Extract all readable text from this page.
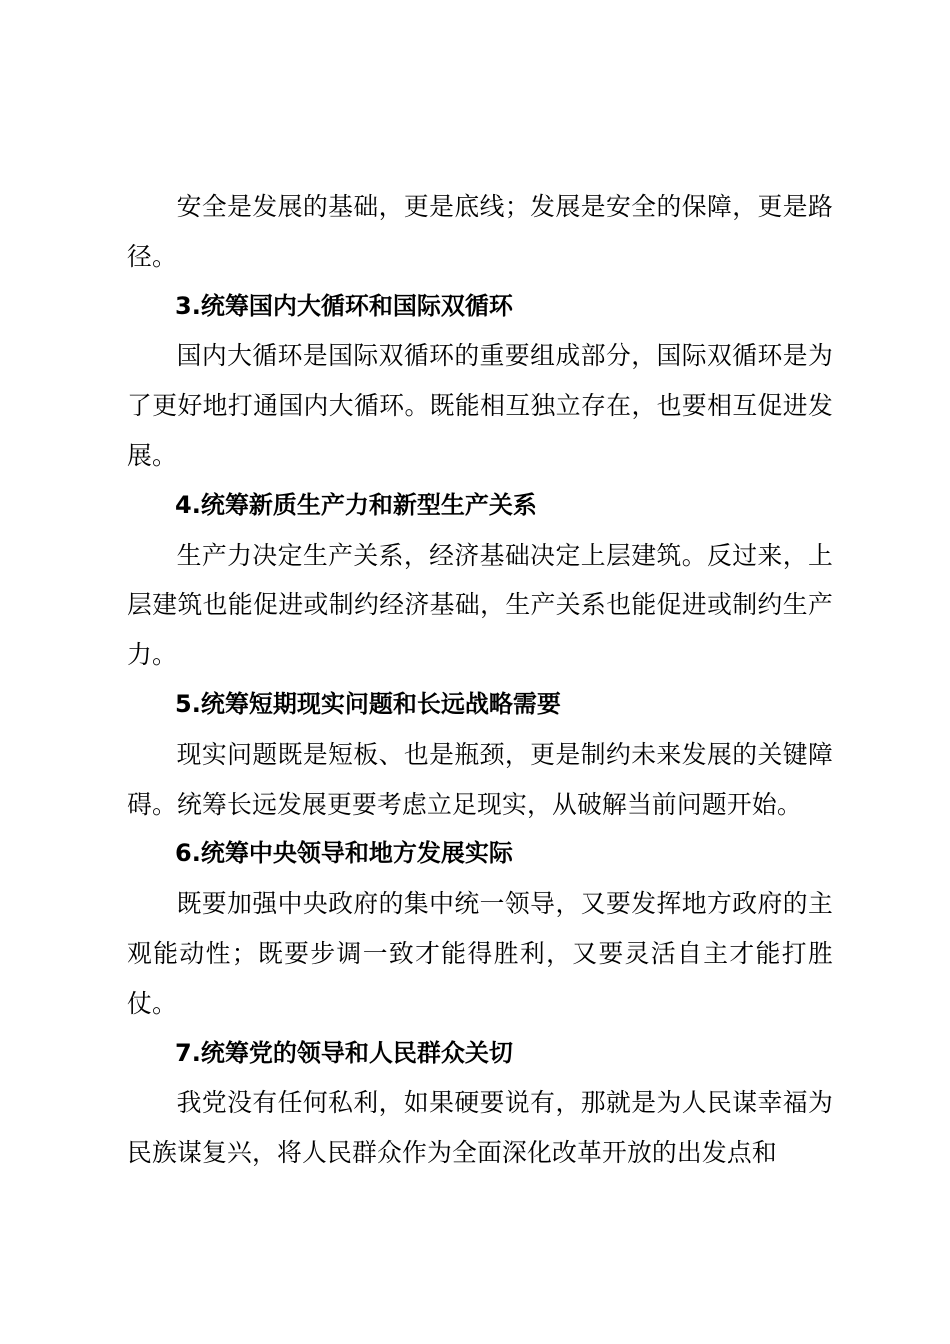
安全是发展的基础，更是底线；发展是安全的保障，更是路径。

3.统筹国内大循环和国际双循环

国内大循环是国际双循环的重要组成部分，国际双循环是为了更好地打通国内大循环。既能相互独立存在，也要相互促进发展。

4.统筹新质生产力和新型生产关系

生产力决定生产关系，经济基础决定上层建筑。反过来，上层建筑也能促进或制约经济基础，生产关系也能促进或制约生产力。

5.统筹短期现实问题和长远战略需要

现实问题既是短板、也是瓶颈，更是制约未来发展的关键障碍。统筹长远发展更要考虑立足现实，从破解当前问题开始。

6.统筹中央领导和地方发展实际

既要加强中央政府的集中统一领导，又要发挥地方政府的主观能动性；既要步调一致才能得胜利，又要灵活自主才能打胜仗。

7.统筹党的领导和人民群众关切

我党没有任何私利，如果硬要说有，那就是为人民谋幸福为民族谋复兴，将人民群众作为全面深化改革开放的出发点和
